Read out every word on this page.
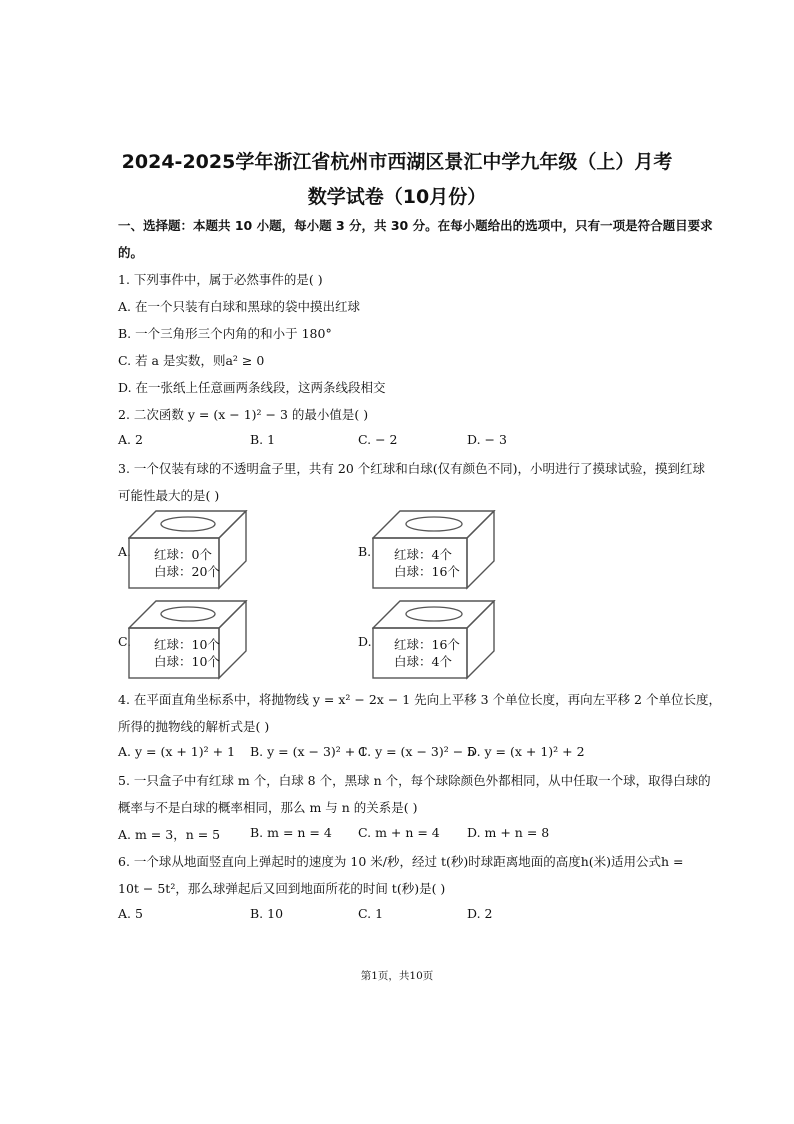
2024-2025学年浙江省杭州市西湖区景汇中学九年级（上）月考
数学试卷（10月份）
一、选择题：本题共 10 小题，每小题 3 分，共 30 分。在每小题给出的选项中，只有一项是符合题目要求
的。
1. 下列事件中，属于必然事件的是( )
A. 在一个只装有白球和黑球的袋中摸出红球
B. 一个三角形三个内角的和小于 180°
C. 若 a 是实数，则a² ≥ 0
D. 在一张纸上任意画两条线段，这两条线段相交
2. 二次函数 y = (x − 1)² − 3 的最小值是( )
A. 2	B. 1	C. − 2	D. − 3
3. 一个仅装有球的不透明盒子里，共有 20 个红球和白球(仅有颜色不同)，小明进行了摸球试验，摸到红球
可能性最大的是( )
A. 红球：0个
白球：20个
B. 红球：4个
白球：16个
C. 红球：10个
白球：10个
D. 红球：16个
白球：4个
4. 在平面直角坐标系中，将抛物线 y = x² − 2x − 1 先向上平移 3 个单位长度，再向左平移 2 个单位长度，
所得的抛物线的解析式是( )
A. y = (x + 1)² + 1 B. y = (x − 3)² + 1
C. y = (x − 3)² − 5
D. y = (x + 1)² + 2
5. 一只盒子中有红球 m 个，白球 8 个，黑球 n 个，每个球除颜色外都相同，从中任取一个球，取得白球的
概率与不是白球的概率相同，那么 m 与 n 的关系是( )
A. m = 3，n = 5 B. m = n = 4 C. m + n = 4 D. m + n = 8
6. 一个球从地面竖直向上弹起时的速度为 10 米/秒，经过 t(秒)时球距离地面的高度h(米)适用公式h =
10t − 5t²，那么球弹起后又回到地面所花的时间 t(秒)是( )
A. 5	B. 10	C. 1	D. 2
第1页，共10页
